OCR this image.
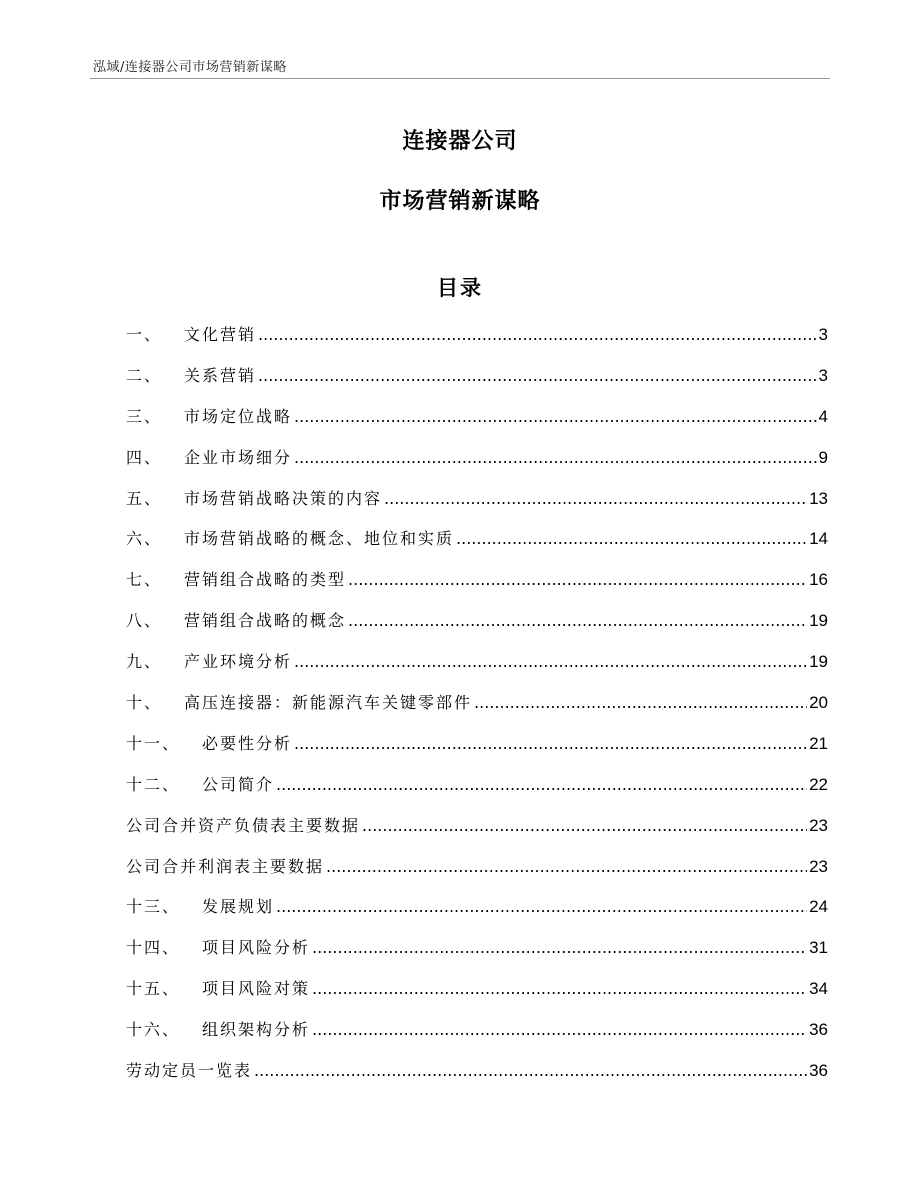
泓域/连接器公司市场营销新谋略
连接器公司
市场营销新谋略
目录
一 、 文化营销 .....	3
二 、 关系营销 .....	3
三 、 市场定位战略 .....	4
四 、 企业市场细分 .....	9
五 、 市场营销战略决策的内容 .....	13
六 、 市场营销战略的概念、地位和实质 .....	14
七 、 营销组合战略的类型 .....	16
八 、 营销组合战略的概念 .....	19
九 、 产业环境分析 .....	19
十 、 高压连接器：新能源汽车关键零部件 .....	20
十一 、 必要性分析 .....	21
十二 、 公司简介 .....	22
公司合并资产负债表主要数据 .....	23
公司合并利润表主要数据 .....	23
十三 、 发展规划 .....	24
十四 、 项目风险分析 .....	31
十五 、 项目风险对策 .....	34
十六 、 组织架构分析 .....	36
劳动定员一览表 .....	36
